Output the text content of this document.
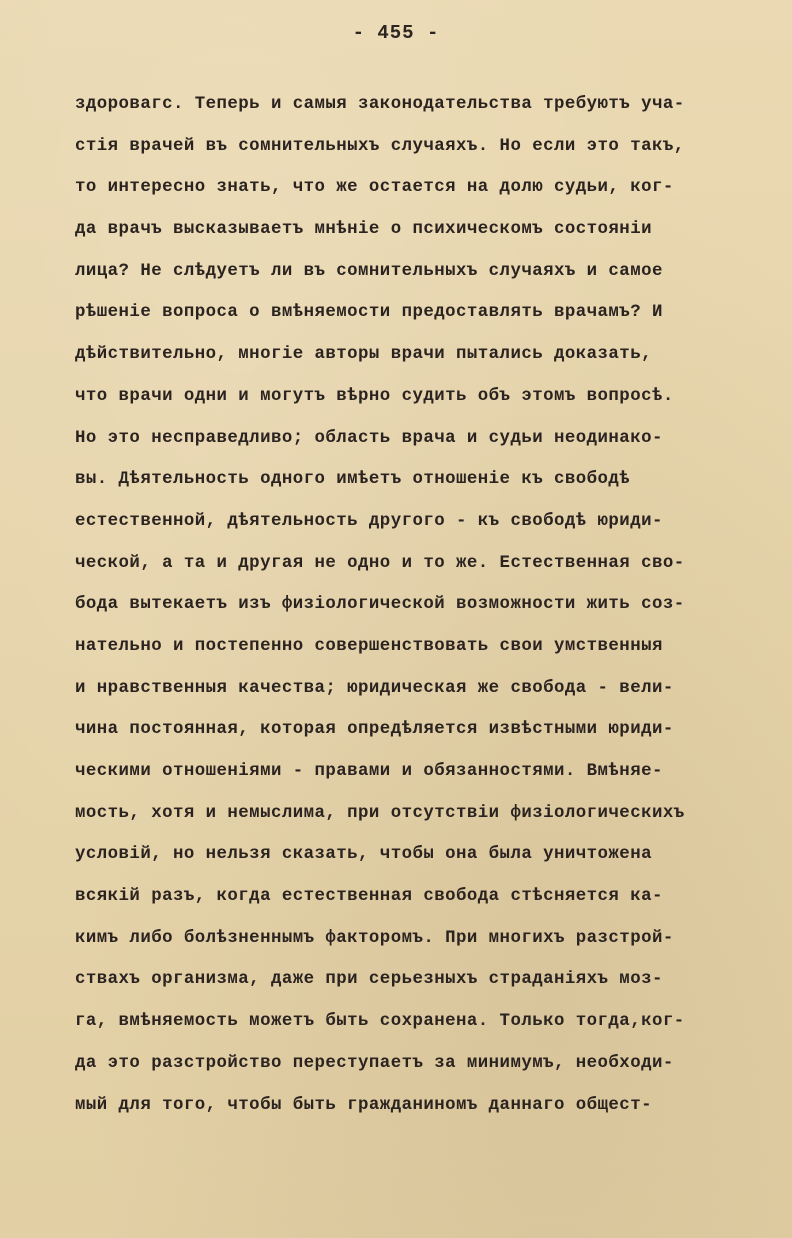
- 455 -
здоровагс. Теперь и самыя законодательства требуютъ уча-
стія врачей въ сомнительныхъ случаяхъ. Но если это такъ,
то интересно знать, что же остается на долю судьи, ког-
да врачъ высказываетъ мнѣніе о психическомъ состояніи
лица? Не слѣдуетъ ли въ сомнительныхъ случаяхъ и самое
рѣшеніе вопроса о вмѣняемости предоставлять врачамъ? И
дѣйствительно, многіе авторы врачи пытались доказать,
что врачи одни и могутъ вѣрно судить объ этомъ вопросѣ.
Но это несправедливо; область врача и судьи неодинако-
вы. Дѣятельность одного имѣетъ отношеніе къ свободѣ
естественной, дѣятельность другого - къ свободѣ юриди-
ческой, а та и другая не одно и то же. Естественная сво-
бода вытекаетъ изъ физіологической возможности жить соз-
нательно и постепенно совершенствовать свои умственныя
и нравственныя качества; юридическая же свобода - вели-
чина постоянная, которая опредѣляется извѣстными юриди-
ческими отношеніями - правами и обязанностями. Вмѣняе-
мость, хотя и немыслима, при отсутствіи физіологическихъ
условій, но нельзя сказать, чтобы она была уничтожена
всякій разъ, когда естественная свобода стѣсняется ка-
кимъ либо болѣзненнымъ факторомъ. При многихъ разстрой-
ствахъ организма, даже при серьезныхъ страданіяхъ моз-
га, вмѣняемость можетъ быть сохранена. Только тогда,ког-
да это разстройство переступаетъ за минимумъ, необходи-
мый для того, чтобы быть гражданиномъ даннаго общест-
